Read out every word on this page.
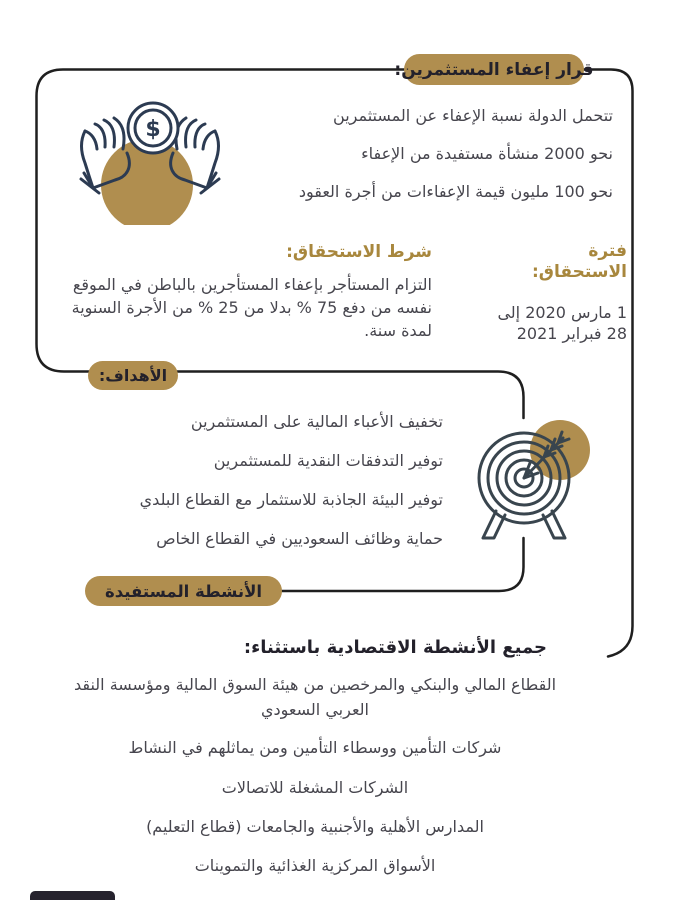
قرار إعفاء المستثمرين:
$
تتحمل الدولة نسبة الإعفاء عن المستثمرين
نحو 2000 منشأة مستفيدة من الإعفاء
نحو 100 مليون قيمة الإعفاءات من أجرة العقود
شرط الاستحقاق:
التزام المستأجر بإعفاء المستأجرين بالباطن في الموقع نفسه من دفع 75 % بدلا من 25 % من الأجرة السنوية لمدة سنة.
فترة
الاستحقاق:
1 مارس 2020 إلى
28 فبراير 2021
الأهداف:
تخفيف الأعباء المالية على المستثمرين
توفير التدفقات النقدية للمستثمرين
توفير البيئة الجاذبة للاستثمار مع القطاع البلدي
حماية وظائف السعوديين في القطاع الخاص
الأنشطة المستفيدة
جميع الأنشطة الاقتصادية باستثناء:
القطاع المالي والبنكي والمرخصين من هيئة السوق المالية ومؤسسة النقد العربي السعودي
شركات التأمين ووسطاء التأمين ومن يماثلهم في النشاط
الشركات المشغلة للاتصالات
المدارس الأهلية والأجنبية والجامعات (قطاع التعليم)
الأسواق المركزية الغذائية والتموينات
